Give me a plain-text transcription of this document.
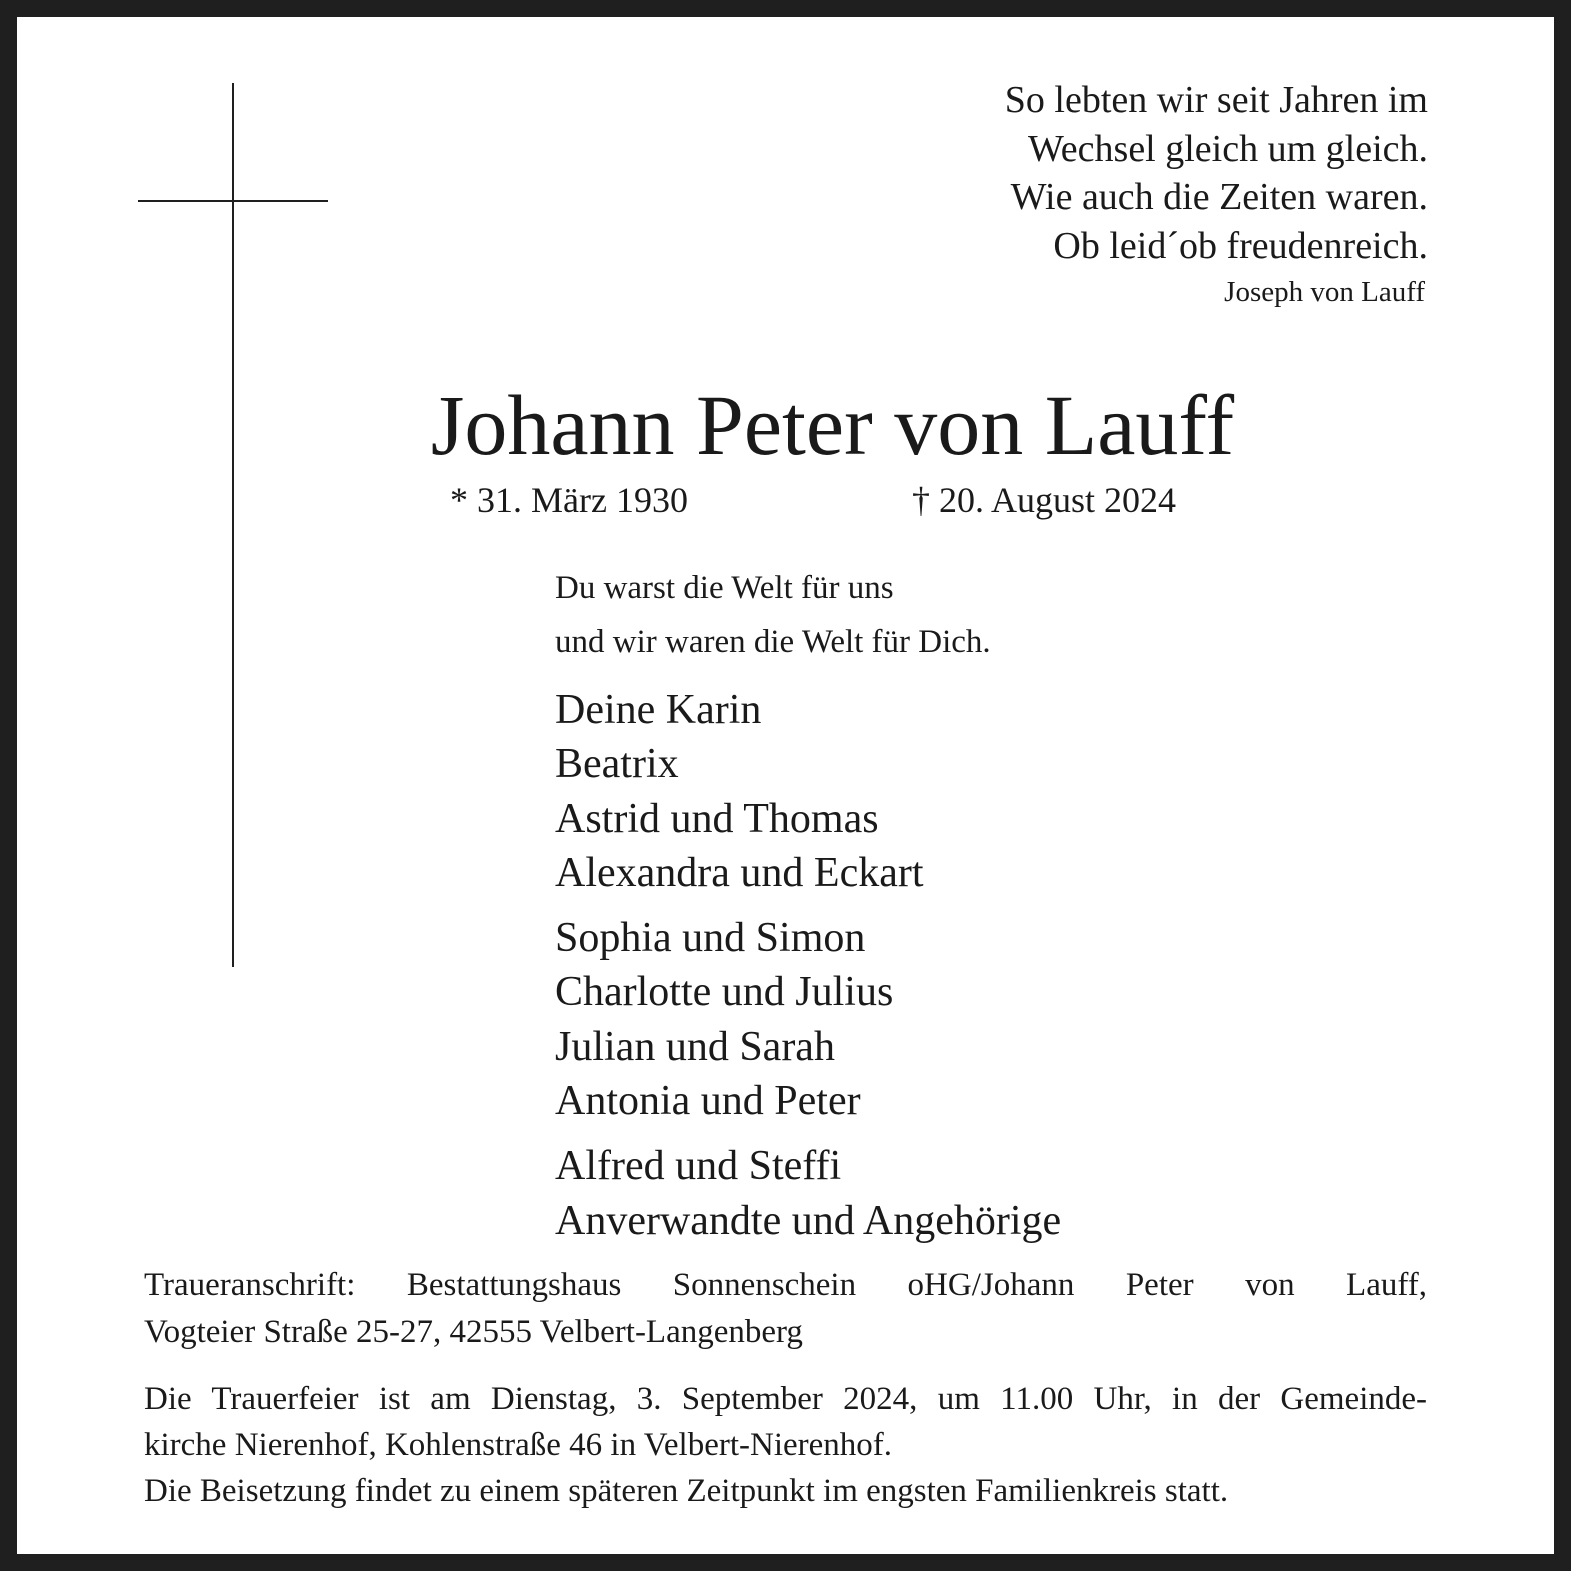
So lebten wir seit Jahren im
Wechsel gleich um gleich.
Wie auch die Zeiten waren.
Ob leid´ob freudenreich.
Joseph von Lauff
Johann Peter von Lauff
* 31. März 1930	† 20. August 2024
Du warst die Welt für uns
und wir waren die Welt für Dich.
Deine Karin
Beatrix
Astrid und Thomas
Alexandra und Eckart
Sophia und Simon
Charlotte und Julius
Julian und Sarah
Antonia und Peter
Alfred und Steffi
Anverwandte und Angehörige
Traueranschrift: Bestattungshaus Sonnenschein oHG/Johann Peter von Lauff,
Vogteier Straße 25-27, 42555 Velbert-Langenberg
Die Trauerfeier ist am Dienstag, 3. September 2024, um 11.00 Uhr, in der Gemeinde-
kirche Nierenhof, Kohlenstraße 46 in Velbert-Nierenhof.
Die Beisetzung findet zu einem späteren Zeitpunkt im engsten Familienkreis statt.
